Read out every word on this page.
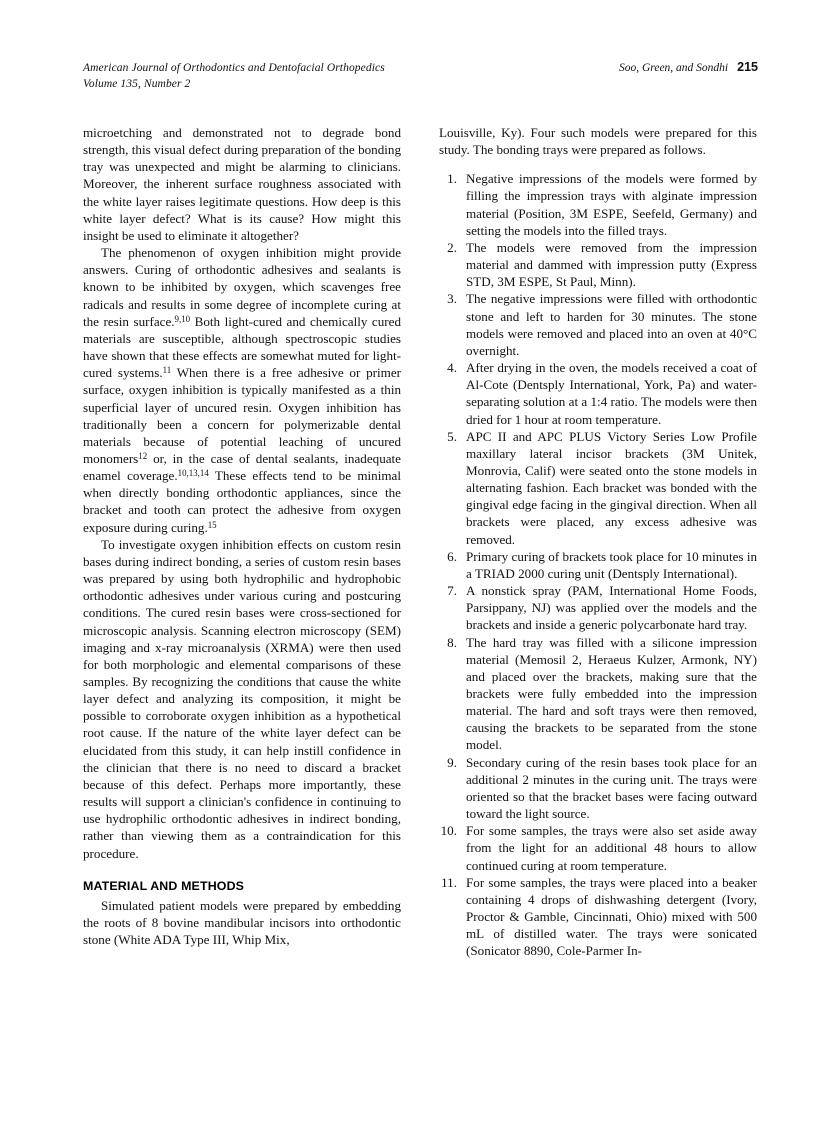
American Journal of Orthodontics and Dentofacial Orthopedics
Volume 135, Number 2
Soo, Green, and Sondhi 215

microetching and demonstrated not to degrade bond strength, this visual defect during preparation of the bonding tray was unexpected and might be alarming to clinicians. Moreover, the inherent surface roughness associated with the white layer raises legitimate questions. How deep is this white layer defect? What is its cause? How might this insight be used to eliminate it altogether?

The phenomenon of oxygen inhibition might provide answers. Curing of orthodontic adhesives and sealants is known to be inhibited by oxygen, which scavenges free radicals and results in some degree of incomplete curing at the resin surface.$^{9,10}$ Both light-cured and chemically cured materials are susceptible, although spectroscopic studies have shown that these effects are somewhat muted for light-cured systems.$^{11}$ When there is a free adhesive or primer surface, oxygen inhibition is typically manifested as a thin superficial layer of uncured resin. Oxygen inhibition has traditionally been a concern for polymerizable dental materials because of potential leaching of uncured monomers$^{12}$ or, in the case of dental sealants, inadequate enamel coverage.$^{10,13,14}$ These effects tend to be minimal when directly bonding orthodontic appliances, since the bracket and tooth can protect the adhesive from oxygen exposure during curing.$^{15}$

To investigate oxygen inhibition effects on custom resin bases during indirect bonding, a series of custom resin bases was prepared by using both hydrophilic and hydrophobic orthodontic adhesives under various curing and postcuring conditions. The cured resin bases were cross-sectioned for microscopic analysis. Scanning electron microscopy (SEM) imaging and x-ray microanalysis (XRMA) were then used for both morphologic and elemental comparisons of these samples. By recognizing the conditions that cause the white layer defect and analyzing its composition, it might be possible to corroborate oxygen inhibition as a hypothetical root cause. If the nature of the white layer defect can be elucidated from this study, it can help instill confidence in the clinician that there is no need to discard a bracket because of this defect. Perhaps more importantly, these results will support a clinician's confidence in continuing to use hydrophilic orthodontic adhesives in indirect bonding, rather than viewing them as a contraindication for this procedure.

MATERIAL AND METHODS

Simulated patient models were prepared by embedding the roots of 8 bovine mandibular incisors into orthodontic stone (White ADA Type III, Whip Mix,

Louisville, Ky). Four such models were prepared for this study. The bonding trays were prepared as follows.

1. Negative impressions of the models were formed by filling the impression trays with alginate impression material (Position, 3M ESPE, Seefeld, Germany) and setting the models into the filled trays.
2. The models were removed from the impression material and dammed with impression putty (Express STD, 3M ESPE, St Paul, Minn).
3. The negative impressions were filled with orthodontic stone and left to harden for 30 minutes. The stone models were removed and placed into an oven at 40°C overnight.
4. After drying in the oven, the models received a coat of Al-Cote (Dentsply International, York, Pa) and water-separating solution at a 1:4 ratio. The models were then dried for 1 hour at room temperature.
5. APC II and APC PLUS Victory Series Low Profile maxillary lateral incisor brackets (3M Unitek, Monrovia, Calif) were seated onto the stone models in alternating fashion. Each bracket was bonded with the gingival edge facing in the gingival direction. When all brackets were placed, any excess adhesive was removed.
6. Primary curing of brackets took place for 10 minutes in a TRIAD 2000 curing unit (Dentsply International).
7. A nonstick spray (PAM, International Home Foods, Parsippany, NJ) was applied over the models and the brackets and inside a generic polycarbonate hard tray.
8. The hard tray was filled with a silicone impression material (Memosil 2, Heraeus Kulzer, Armonk, NY) and placed over the brackets, making sure that the brackets were fully embedded into the impression material. The hard and soft trays were then removed, causing the brackets to be separated from the stone model.
9. Secondary curing of the resin bases took place for an additional 2 minutes in the curing unit. The trays were oriented so that the bracket bases were facing outward toward the light source.
10. For some samples, the trays were also set aside away from the light for an additional 48 hours to allow continued curing at room temperature.
11. For some samples, the trays were placed into a beaker containing 4 drops of dishwashing detergent (Ivory, Proctor & Gamble, Cincinnati, Ohio) mixed with 500 mL of distilled water. The trays were sonicated (Sonicator 8890, Cole-Parmer In-
